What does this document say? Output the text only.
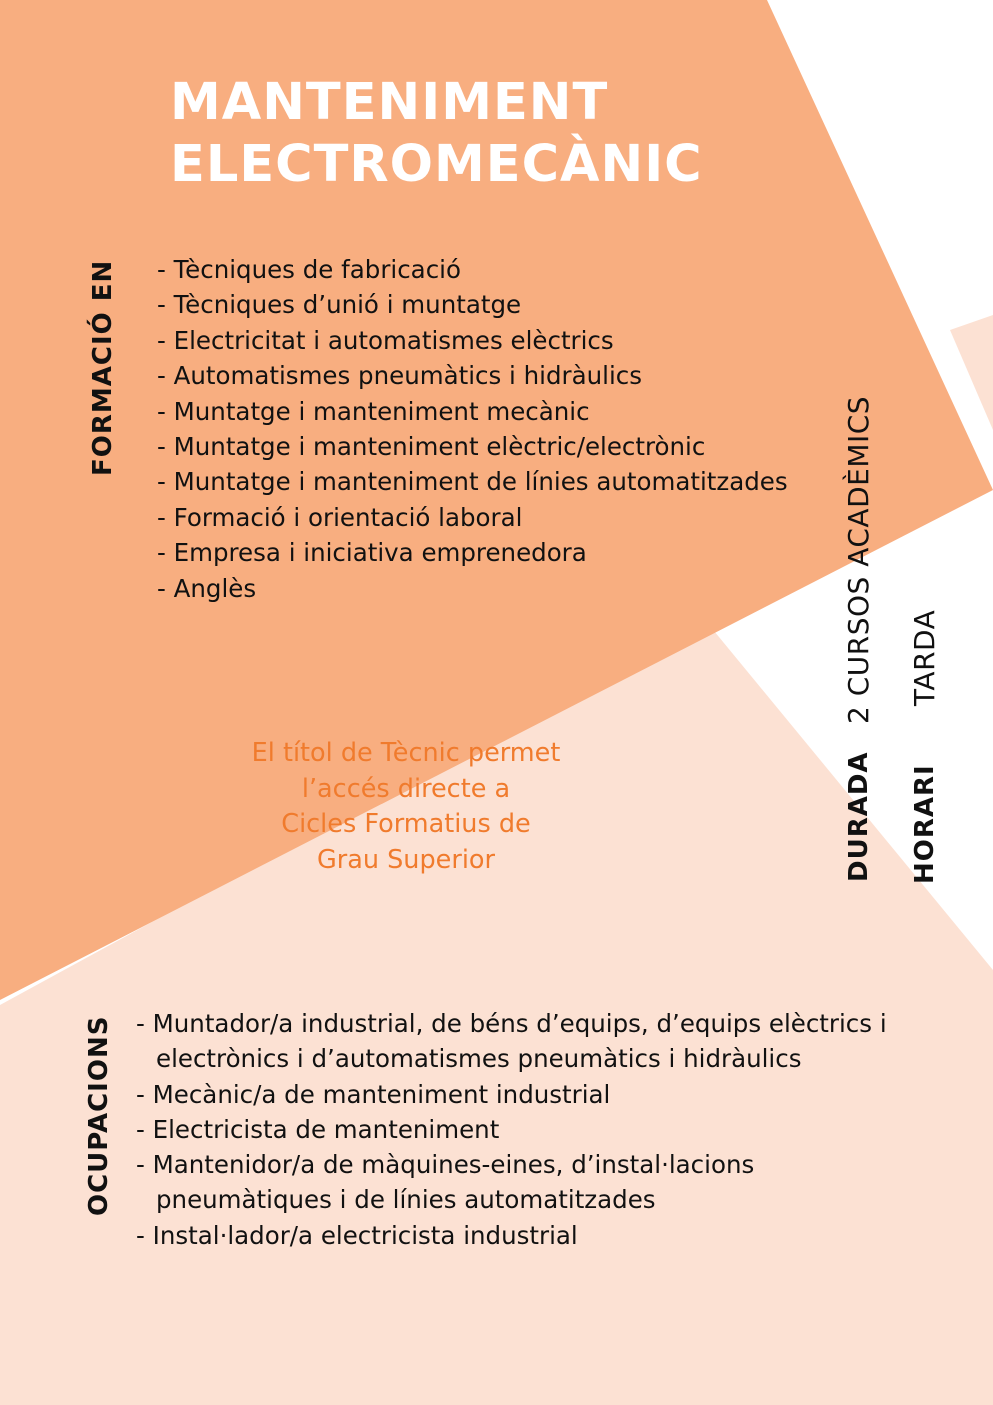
MANTENIMENT
ELECTROMECÀNIC
FORMACIÓ EN - Tècniques de fabricació
- Tècniques d’unió i muntatge
- Electricitat i automatismes elèctrics
- Automatismes pneumàtics i hidràulics
- Muntatge i manteniment mecànic
- Muntatge i manteniment elèctric/electrònic
- Muntatge i manteniment de línies automatitzades
- Formació i orientació laboral
- Empresa i iniciativa emprenedora
- Anglès

El títol de Tècnic permet
l’accés directe a
Cicles Formatius de
Grau Superior	DURADA
2 CURSOS ACADÈMICS
HORARI
TARDA
OCUPACIONS - Muntador/a industrial, de béns d’equips, d’equips elèctrics i
electrònics i d’automatismes pneumàtics i hidràulics
- Mecànic/a de manteniment industrial
- Electricista de manteniment
- Mantenidor/a de màquines-eines, d’instal·lacions
pneumàtiques i de línies automatitzades
- Instal·lador/a electricista industrial
